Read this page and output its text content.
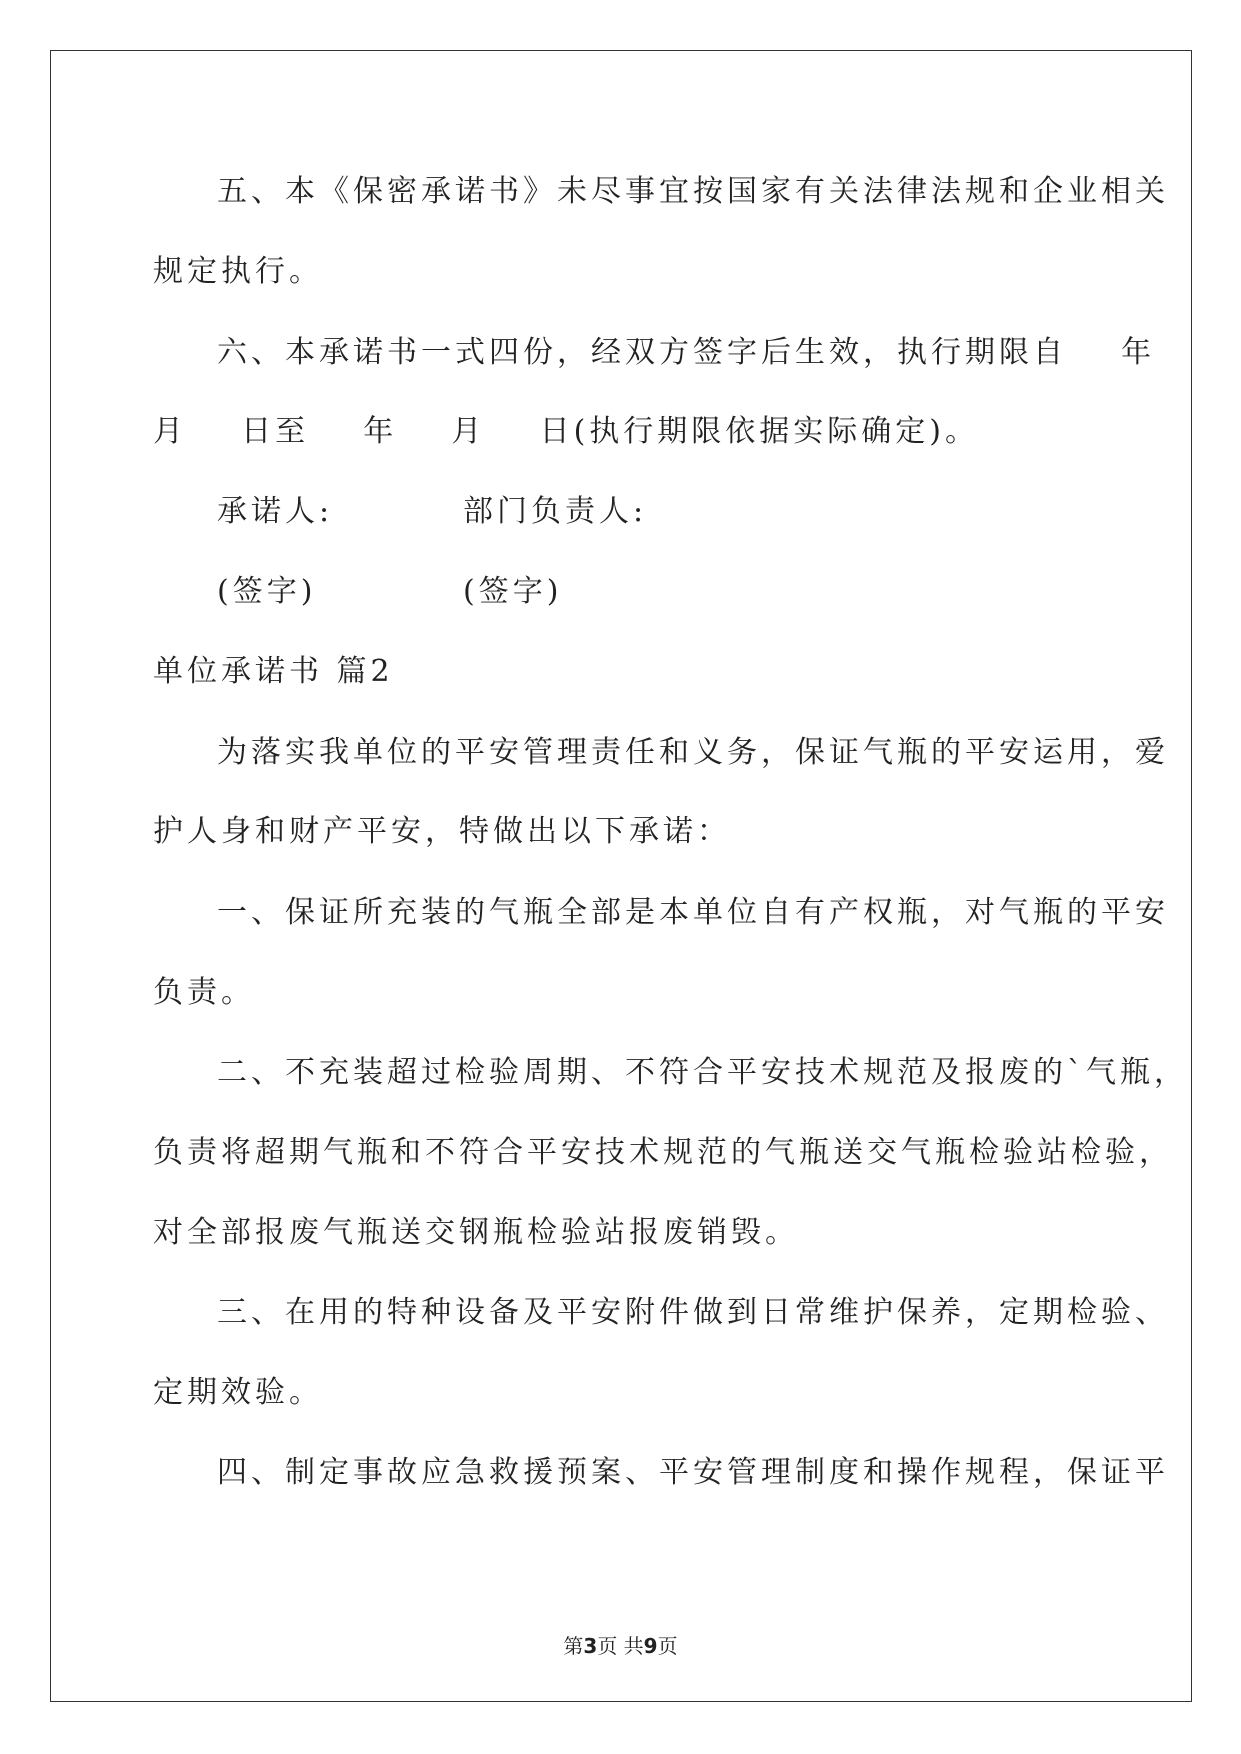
五、本《保密承诺书》未尽事宜按国家有关法律法规和企业相关
规定执行。
六、本承诺书一式四份，经双方签字后生效，执行期限自    年
月    日至    年    月    日(执行期限依据实际确定)。
承诺人:	部门负责人:
(签字)	(签字)
单位承诺书 篇2
为落实我单位的平安管理责任和义务，保证气瓶的平安运用，爱
护人身和财产平安，特做出以下承诺：
一、保证所充装的气瓶全部是本单位自有产权瓶，对气瓶的平安
负责。
二、不充装超过检验周期、不符合平安技术规范及报废的`气瓶，
负责将超期气瓶和不符合平安技术规范的气瓶送交气瓶检验站检验，
对全部报废气瓶送交钢瓶检验站报废销毁。
三、在用的特种设备及平安附件做到日常维护保养，定期检验、
定期效验。
四、制定事故应急救援预案、平安管理制度和操作规程，保证平
第3页 共9页
